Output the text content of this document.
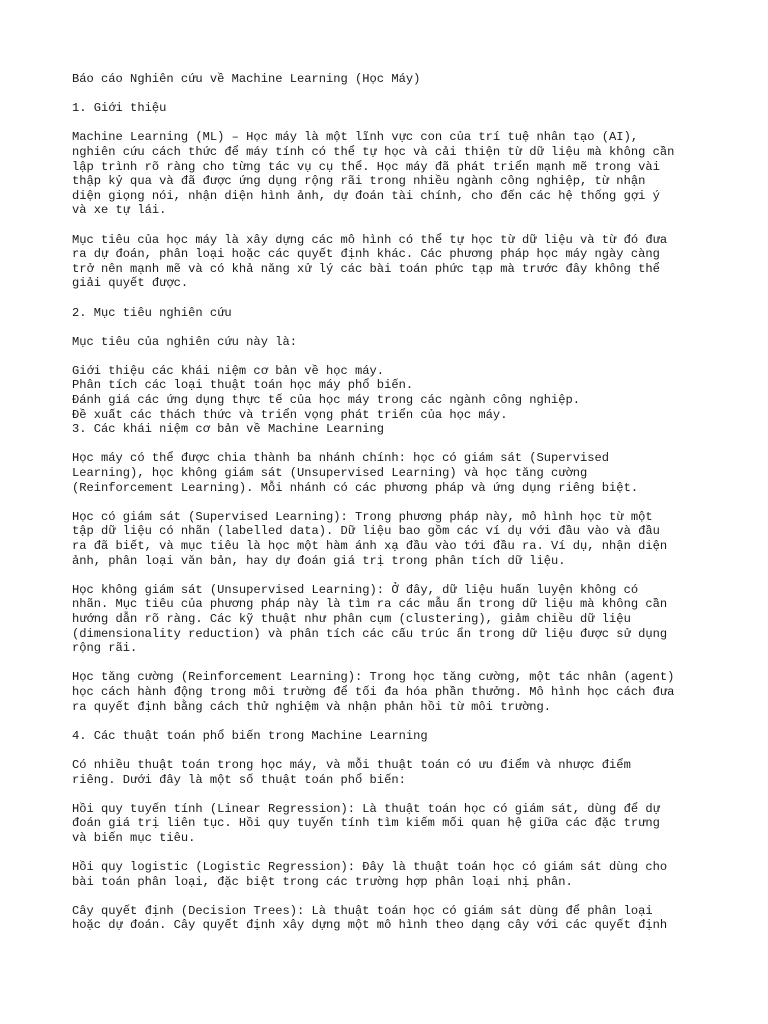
Báo cáo Nghiên cứu về Machine Learning (Học Máy)
1. Giới thiệu
Machine Learning (ML) – Học máy là một lĩnh vực con của trí tuệ nhân tạo (AI),
nghiên cứu cách thức để máy tính có thể tự học và cải thiện từ dữ liệu mà không cần
lập trình rõ ràng cho từng tác vụ cụ thể. Học máy đã phát triển mạnh mẽ trong vài
thập kỷ qua và đã được ứng dụng rộng rãi trong nhiều ngành công nghiệp, từ nhận
diện giọng nói, nhận diện hình ảnh, dự đoán tài chính, cho đến các hệ thống gợi ý
và xe tự lái.
Mục tiêu của học máy là xây dựng các mô hình có thể tự học từ dữ liệu và từ đó đưa
ra dự đoán, phân loại hoặc các quyết định khác. Các phương pháp học máy ngày càng
trở nên mạnh mẽ và có khả năng xử lý các bài toán phức tạp mà trước đây không thể
giải quyết được.
2. Mục tiêu nghiên cứu
Mục tiêu của nghiên cứu này là:
Giới thiệu các khái niệm cơ bản về học máy.
Phân tích các loại thuật toán học máy phổ biến.
Đánh giá các ứng dụng thực tế của học máy trong các ngành công nghiệp.
Đề xuất các thách thức và triển vọng phát triển của học máy.
3. Các khái niệm cơ bản về Machine Learning
Học máy có thể được chia thành ba nhánh chính: học có giám sát (Supervised
Learning), học không giám sát (Unsupervised Learning) và học tăng cường
(Reinforcement Learning). Mỗi nhánh có các phương pháp và ứng dụng riêng biệt.
Học có giám sát (Supervised Learning): Trong phương pháp này, mô hình học từ một
tập dữ liệu có nhãn (labelled data). Dữ liệu bao gồm các ví dụ với đầu vào và đầu
ra đã biết, và mục tiêu là học một hàm ánh xạ đầu vào tới đầu ra. Ví dụ, nhận diện
ảnh, phân loại văn bản, hay dự đoán giá trị trong phân tích dữ liệu.
Học không giám sát (Unsupervised Learning): Ở đây, dữ liệu huấn luyện không có
nhãn. Mục tiêu của phương pháp này là tìm ra các mẫu ẩn trong dữ liệu mà không cần
hướng dẫn rõ ràng. Các kỹ thuật như phân cụm (clustering), giảm chiều dữ liệu
(dimensionality reduction) và phân tích các cấu trúc ẩn trong dữ liệu được sử dụng
rộng rãi.
Học tăng cường (Reinforcement Learning): Trong học tăng cường, một tác nhân (agent)
học cách hành động trong môi trường để tối đa hóa phần thưởng. Mô hình học cách đưa
ra quyết định bằng cách thử nghiệm và nhận phản hồi từ môi trường.
4. Các thuật toán phổ biến trong Machine Learning
Có nhiều thuật toán trong học máy, và mỗi thuật toán có ưu điểm và nhược điểm
riêng. Dưới đây là một số thuật toán phổ biến:
Hồi quy tuyến tính (Linear Regression): Là thuật toán học có giám sát, dùng để dự
đoán giá trị liên tục. Hồi quy tuyến tính tìm kiếm mối quan hệ giữa các đặc trưng
và biến mục tiêu.
Hồi quy logistic (Logistic Regression): Đây là thuật toán học có giám sát dùng cho
bài toán phân loại, đặc biệt trong các trường hợp phân loại nhị phân.
Cây quyết định (Decision Trees): Là thuật toán học có giám sát dùng để phân loại
hoặc dự đoán. Cây quyết định xây dựng một mô hình theo dạng cây với các quyết định
